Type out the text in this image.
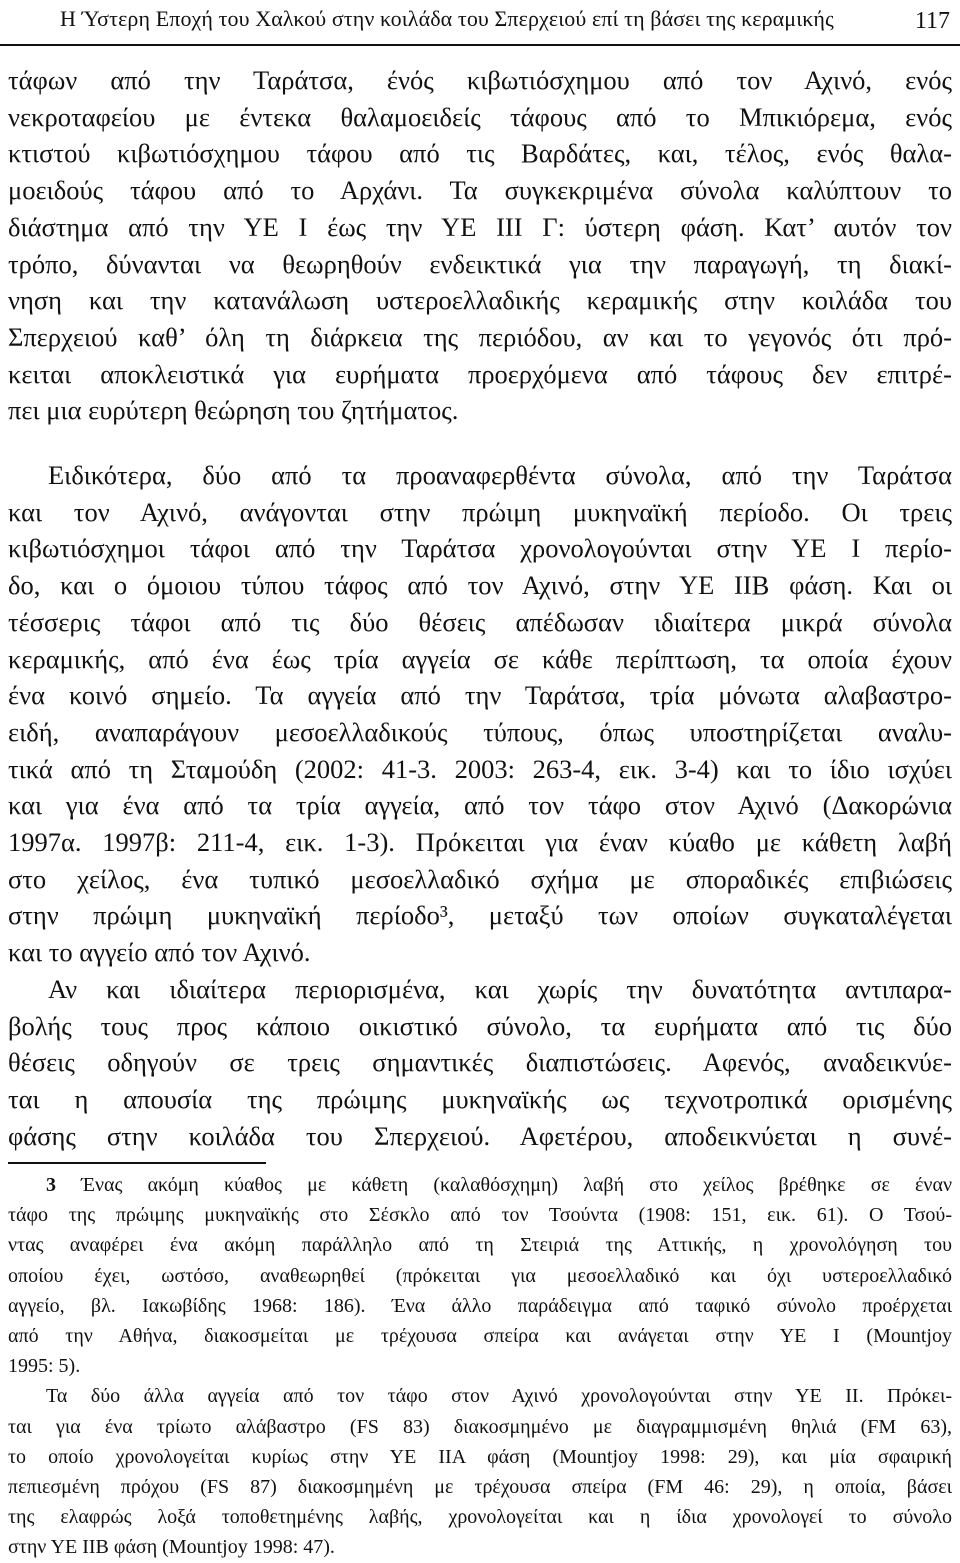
Η Ύστερη Εποχή του Χαλκού στην κοιλάδα του Σπερχειού επί τη βάσει της κεραμικής	117
τάφων από την Ταράτσα, ένός κιβωτιόσχημου από τον Αχινό, ενός
νεκροταφείου με έντεκα θαλαμοειδείς τάφους από το Μπικιόρεμα, ενός
κτιστού κιβωτιόσχημου τάφου από τις Βαρδάτες, και, τέλος, ενός θαλα-
μοειδούς τάφου από το Αρχάνι. Τα συγκεκριμένα σύνολα καλύπτουν το
διάστημα από την ΥΕ Ι έως την ΥΕ ΙΙΙ Γ: ύστερη φάση. Κατ’ αυτόν τον
τρόπο, δύνανται να θεωρηθούν ενδεικτικά για την παραγωγή, τη διακί-
νηση και την κατανάλωση υστεροελλαδικής κεραμικής στην κοιλάδα του
Σπερχειού καθ’ όλη τη διάρκεια της περιόδου, αν και το γεγονός ότι πρό-
κειται αποκλειστικά για ευρήματα προερχόμενα από τάφους δεν επιτρέ-
πει μια ευρύτερη θεώρηση του ζητήματος.
Ειδικότερα, δύο από τα προαναφερθέντα σύνολα, από την Ταράτσα
και τον Αχινό, ανάγονται στην πρώιμη μυκηναϊκή περίοδο. Οι τρεις
κιβωτιόσχημοι τάφοι από την Ταράτσα χρονολογούνται στην ΥΕ Ι περίο-
δο, και ο όμοιου τύπου τάφος από τον Αχινό, στην ΥΕ ΙΙΒ φάση. Και οι
τέσσερις τάφοι από τις δύο θέσεις απέδωσαν ιδιαίτερα μικρά σύνολα
κεραμικής, από ένα έως τρία αγγεία σε κάθε περίπτωση, τα οποία έχουν
ένα κοινό σημείο. Τα αγγεία από την Ταράτσα, τρία μόνωτα αλαβαστρο-
ειδή, αναπαράγουν μεσοελλαδικούς τύπους, όπως υποστηρίζεται αναλυ-
τικά από τη Σταμούδη (2002: 41-3. 2003: 263-4, εικ. 3-4) και το ίδιο ισχύει
και για ένα από τα τρία αγγεία, από τον τάφο στον Αχινό (Δακορώνια
1997α. 1997β: 211-4, εικ. 1-3). Πρόκειται για έναν κύαθο με κάθετη λαβή
στο χείλος, ένα τυπικό μεσοελλαδικό σχήμα με σποραδικές επιβιώσεις
στην πρώιμη μυκηναϊκή περίοδο³, μεταξύ των οποίων συγκαταλέγεται
και το αγγείο από τον Αχινό.
Αν και ιδιαίτερα περιορισμένα, και χωρίς την δυνατότητα αντιπαρα-
βολής τους προς κάποιο οικιστικό σύνολο, τα ευρήματα από τις δύο
θέσεις οδηγούν σε τρεις σημαντικές διαπιστώσεις. Αφενός, αναδεικνύε-
ται η απουσία της πρώιμης μυκηναϊκής ως τεχνοτροπικά ορισμένης
φάσης στην κοιλάδα του Σπερχειού. Αφετέρου, αποδεικνύεται η συνέ-
3 Ένας ακόμη κύαθος με κάθετη (καλαθόσχημη) λαβή στο χείλος βρέθηκε σε έναν
τάφο της πρώιμης μυκηναϊκής στο Σέσκλο από τον Τσούντα (1908: 151, εικ. 61). Ο Τσού-
ντας αναφέρει ένα ακόμη παράλληλο από τη Στειριά της Αττικής, η χρονολόγηση του
οποίου έχει, ωστόσο, αναθεωρηθεί (πρόκειται για μεσοελλαδικό και όχι υστεροελλαδικό
αγγείο, βλ. Ιακωβίδης 1968: 186). Ένα άλλο παράδειγμα από ταφικό σύνολο προέρχεται
από την Αθήνα, διακοσμείται με τρέχουσα σπείρα και ανάγεται στην ΥΕ Ι (Mountjoy
1995: 5).
Τα δύο άλλα αγγεία από τον τάφο στον Αχινό χρονολογούνται στην ΥΕ ΙΙ. Πρόκει-
ται για ένα τρίωτο αλάβαστρο (FS 83) διακοσμημένο με διαγραμμισμένη θηλιά (FM 63),
το οποίο χρονολογείται κυρίως στην ΥΕ ΙΙΑ φάση (Mountjoy 1998: 29), και μία σφαιρική
πεπιεσμένη πρόχου (FS 87) διακοσμημένη με τρέχουσα σπείρα (FM 46: 29), η οποία, βάσει
της ελαφρώς λοξά τοποθετημένης λαβής, χρονολογείται και η ίδια χρονολογεί το σύνολο
στην ΥΕ ΙΙΒ φάση (Mountjoy 1998: 47).
